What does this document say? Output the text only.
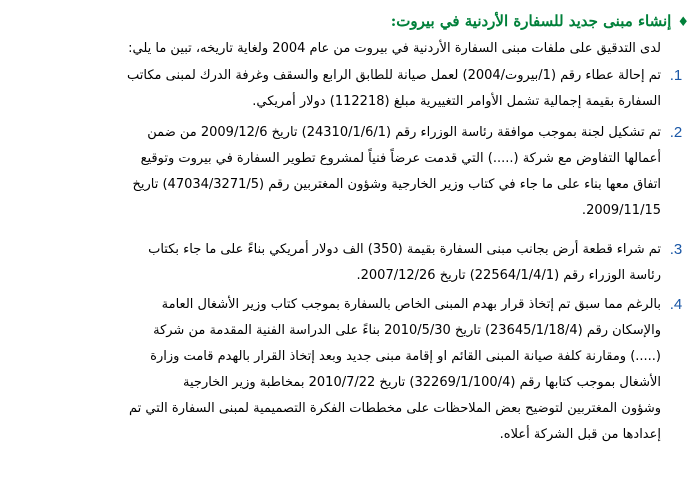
♦إنشاء مبنى جديد للسفارة الأردنية في بيروت:
لدى التدقيق على ملفات مبنى السفارة الأردنية في بيروت من عام 2004 ولغاية تاريخه، تبين ما يلي:
1.
تم إحالة عطاء رقم (1/بيروت/2004) لعمل صيانة للطابق الرابع والسقف وغرفة الدرك لمبنى مكاتب
السفارة بقيمة إجمالية تشمل الأوامر التغييرية مبلغ (112218) دولار أمريكي.
2.
تم تشكيل لجنة بموجب موافقة رئاسة الوزراء رقم (24310/1/6/1) تاريخ 2009/12/6 من ضمن
أعمالها التفاوض مع شركة (.....) التي قدمت عرضاً فنياً لمشروع تطوير السفارة في بيروت وتوقيع
اتفاق معها بناء على ما جاء في كتاب وزير الخارجية وشؤون المغتربين رقم (47034/3271/5) تاريخ
2009/11/15.
3.
تم شراء قطعة أرض بجانب مبنى السفارة بقيمة (350) الف دولار أمريكي بناءً على ما جاء بكتاب
رئاسة الوزراء رقم (22564/1/4/1) تاريخ 2007/12/26.
4.
بالرغم مما سبق تم إتخاذ قرار بهدم المبنى الخاص بالسفارة بموجب كتاب وزير الأشغال العامة
والإسكان رقم (23645/1/18/4) تاريخ 2010/5/30 بناءً على الدراسة الفنية المقدمة من شركة
(.....) ومقارنة كلفة صيانة المبنى القائم او إقامة مبنى جديد وبعد إتخاذ القرار بالهدم قامت وزارة
الأشغال بموجب كتابها رقم (32269/1/100/4) تاريخ 2010/7/22 بمخاطبة وزير الخارجية
وشؤون المغتربين لتوضيح بعض الملاحظات على مخططات الفكرة التصميمية لمبنى السفارة التي تم
إعدادها من قبل الشركة أعلاه.
